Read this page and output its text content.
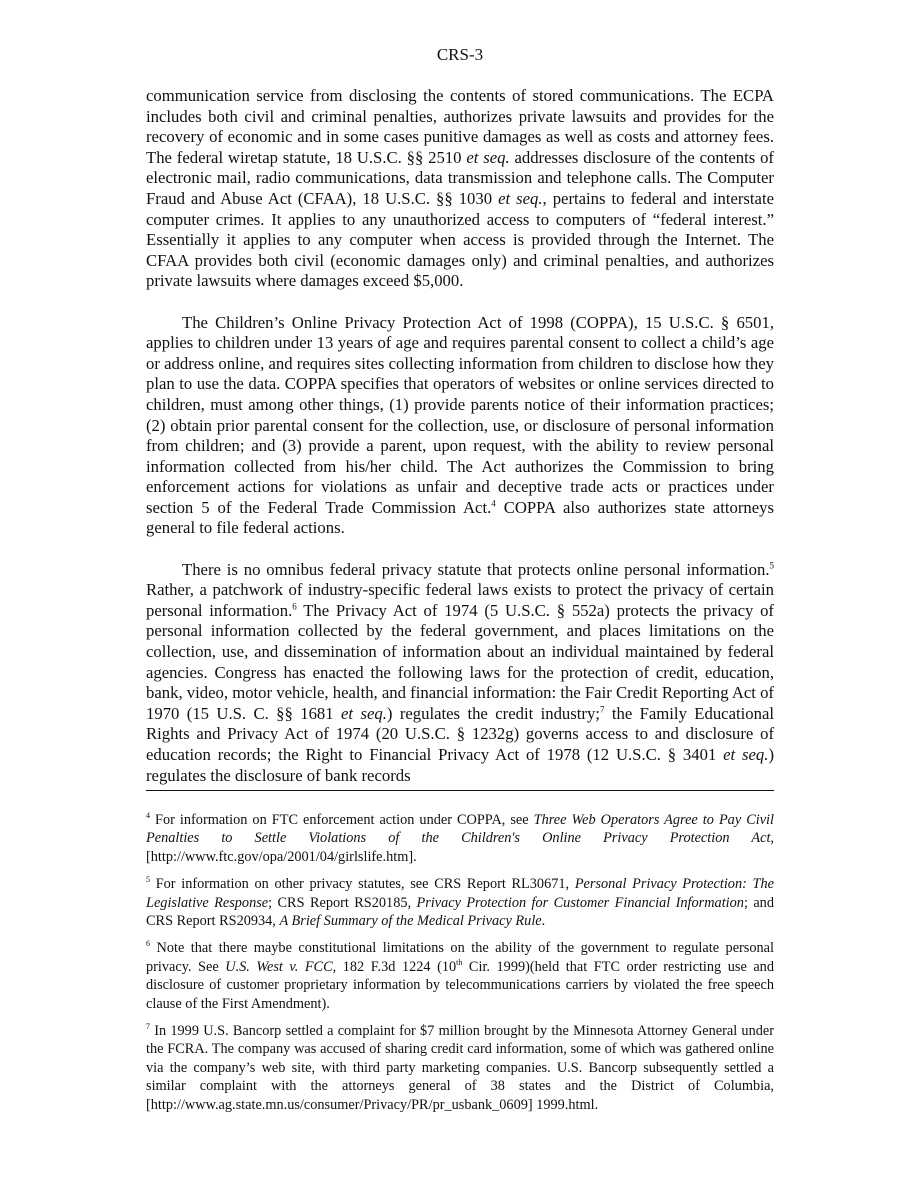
CRS-3

communication service from disclosing the contents of stored communications. The ECPA includes both civil and criminal penalties, authorizes private lawsuits and provides for the recovery of economic and in some cases punitive damages as well as costs and attorney fees. The federal wiretap statute, 18 U.S.C. §§ 2510 et seq. addresses disclosure of the contents of electronic mail, radio communications, data transmission and telephone calls. The Computer Fraud and Abuse Act (CFAA), 18 U.S.C. §§ 1030 et seq., pertains to federal and interstate computer crimes. It applies to any unauthorized access to computers of “federal interest.” Essentially it applies to any computer when access is provided through the Internet. The CFAA provides both civil (economic damages only) and criminal penalties, and authorizes private lawsuits where damages exceed $5,000.

The Children’s Online Privacy Protection Act of 1998 (COPPA), 15 U.S.C. § 6501, applies to children under 13 years of age and requires parental consent to collect a child’s age or address online, and requires sites collecting information from children to disclose how they plan to use the data. COPPA specifies that operators of websites or online services directed to children, must among other things, (1) provide parents notice of their information practices; (2) obtain prior parental consent for the collection, use, or disclosure of personal information from children; and (3) provide a parent, upon request, with the ability to review personal information collected from his/her child. The Act authorizes the Commission to bring enforcement actions for violations as unfair and deceptive trade acts or practices under section 5 of the Federal Trade Commission Act.$^4$ COPPA also authorizes state attorneys general to file federal actions.

There is no omnibus federal privacy statute that protects online personal information.$^5$ Rather, a patchwork of industry-specific federal laws exists to protect the privacy of certain personal information.$^6$ The Privacy Act of 1974 (5 U.S.C. § 552a) protects the privacy of personal information collected by the federal government, and places limitations on the collection, use, and dissemination of information about an individual maintained by federal agencies. Congress has enacted the following laws for the protection of credit, education, bank, video, motor vehicle, health, and financial information: the Fair Credit Reporting Act of 1970 (15 U.S. C. §§ 1681 et seq.) regulates the credit industry;$^7$ the Family Educational Rights and Privacy Act of 1974 (20 U.S.C. § 1232g) governs access to and disclosure of education records; the Right to Financial Privacy Act of 1978 (12 U.S.C. § 3401 et seq.) regulates the disclosure of bank records

$^4$ For information on FTC enforcement action under COPPA, see Three Web Operators Agree to Pay Civil Penalties to Settle Violations of the Children's Online Privacy Protection Act, [http://www.ftc.gov/opa/2001/04/girlslife.htm].

$^5$ For information on other privacy statutes, see CRS Report RL30671, Personal Privacy Protection: The Legislative Response; CRS Report RS20185, Privacy Protection for Customer Financial Information; and CRS Report RS20934, A Brief Summary of the Medical Privacy Rule.

$^6$ Note that there maybe constitutional limitations on the ability of the government to regulate personal privacy. See U.S. West v. FCC, 182 F.3d 1224 (10th Cir. 1999)(held that FTC order restricting use and disclosure of customer proprietary information by telecommunications carriers by violated the free speech clause of the First Amendment).

$^7$ In 1999 U.S. Bancorp settled a complaint for $7 million brought by the Minnesota Attorney General under the FCRA. The company was accused of sharing credit card information, some of which was gathered online via the company’s web site, with third party marketing companies. U.S. Bancorp subsequently settled a similar complaint with the attorneys general of 38 states and the District of Columbia, [http://www.ag.state.mn.us/consumer/Privacy/PR/pr_usbank_0609] 1999.html.
